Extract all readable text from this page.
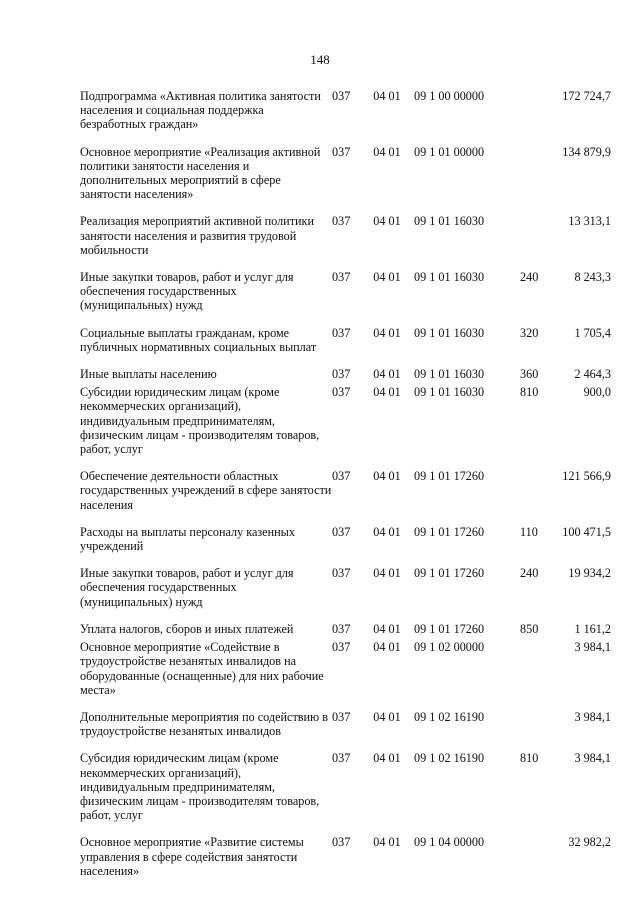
148
Подпрограмма «Активная политика занятости населения и социальная поддержка безработных граждан»	037	04 01	09 1 00 00000		172 724,7
Основное мероприятие «Реализация активной политики занятости населения и дополнительных мероприятий в сфере занятости населения»	037	04 01	09 1 01 00000		134 879,9
Реализация мероприятий активной политики занятости населения и развития трудовой мобильности	037	04 01	09 1 01 16030		13 313,1
Иные закупки товаров, работ и услуг для обеспечения государственных (муниципальных) нужд	037	04 01	09 1 01 16030	240	8 243,3
Социальные выплаты гражданам, кроме публичных нормативных социальных выплат	037	04 01	09 1 01 16030	320	1 705,4
Иные выплаты населению	037	04 01	09 1 01 16030	360	2 464,3
Субсидии юридическим лицам (кроме некоммерческих организаций), индивидуальным предпринимателям, физическим лицам - производителям товаров, работ, услуг	037	04 01	09 1 01 16030	810	900,0
Обеспечение деятельности областных государственных учреждений в сфере занятости населения	037	04 01	09 1 01 17260		121 566,9
Расходы на выплаты персоналу казенных учреждений	037	04 01	09 1 01 17260	110	100 471,5
Иные закупки товаров, работ и услуг для обеспечения государственных (муниципальных) нужд	037	04 01	09 1 01 17260	240	19 934,2
Уплата налогов, сборов и иных платежей	037	04 01	09 1 01 17260	850	1 161,2
Основное мероприятие «Содействие в трудоустройстве незанятых инвалидов на оборудованные (оснащенные) для них рабочие места»	037	04 01	09 1 02 00000		3 984,1
Дополнительные мероприятия по содействию в трудоустройстве незанятых инвалидов	037	04 01	09 1 02 16190		3 984,1
Субсидия юридическим лицам (кроме некоммерческих организаций), индивидуальным предпринимателям, физическим лицам - производителям товаров, работ, услуг	037	04 01	09 1 02 16190	810	3 984,1
Основное мероприятие «Развитие системы управления в сфере содействия занятости населения»	037	04 01	09 1 04 00000		32 982,2
